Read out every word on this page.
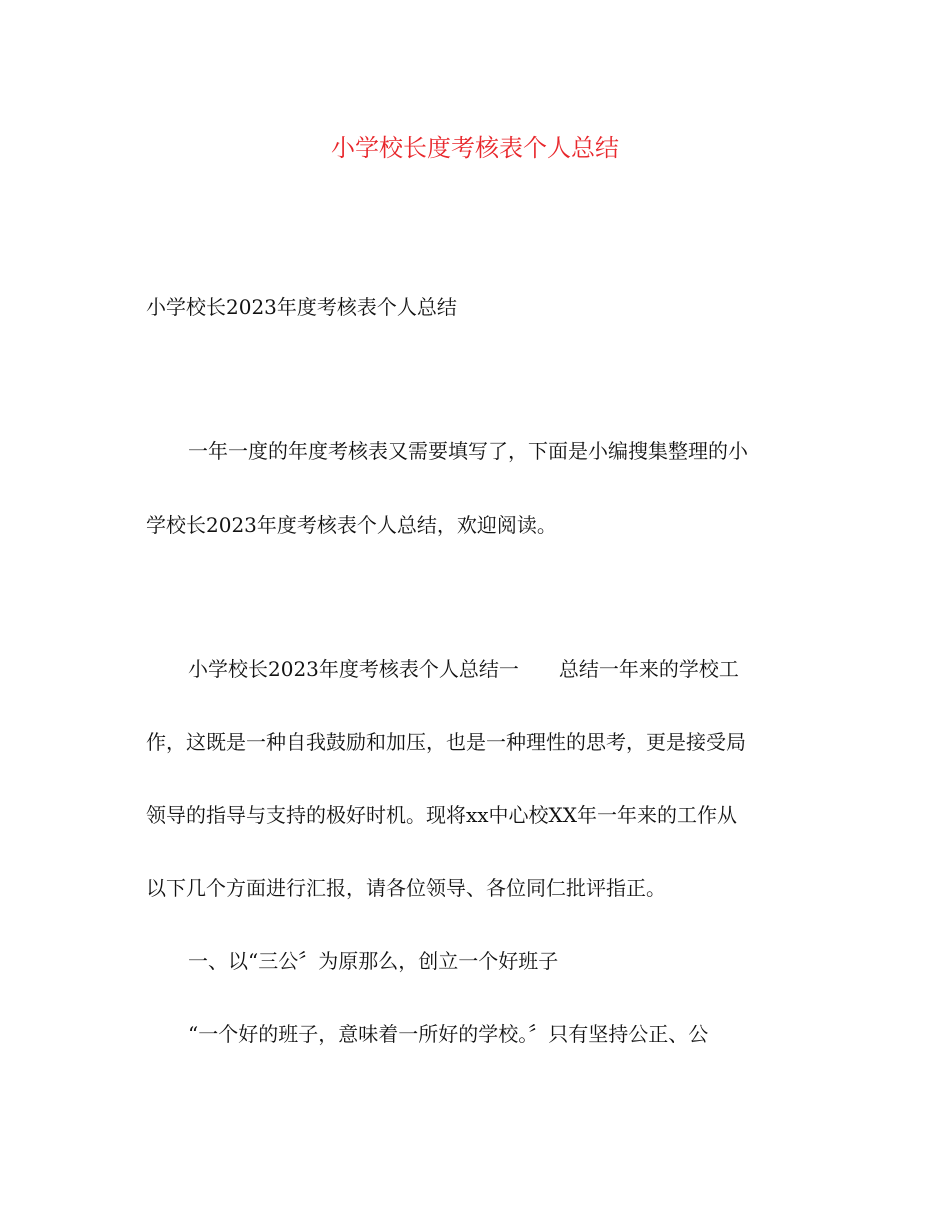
小学校长度考核表个人总结
小学校长2023年度考核表个人总结
一年一度的年度考核表又需要填写了，下面是小编搜集整理的小
学校长2023年度考核表个人总结，欢迎阅读。
小学校长2023年度考核表个人总结一　　总结一年来的学校工
作，这既是一种自我鼓励和加压，也是一种理性的思考，更是接受局
领导的指导与支持的极好时机。现将xx中心校XX年一年来的工作从
以下几个方面进行汇报，请各位领导、各位同仁批评指正。
一、以“三公〞为原那么，创立一个好班子
“一个好的班子，意味着一所好的学校。〞只有坚持公正、公
